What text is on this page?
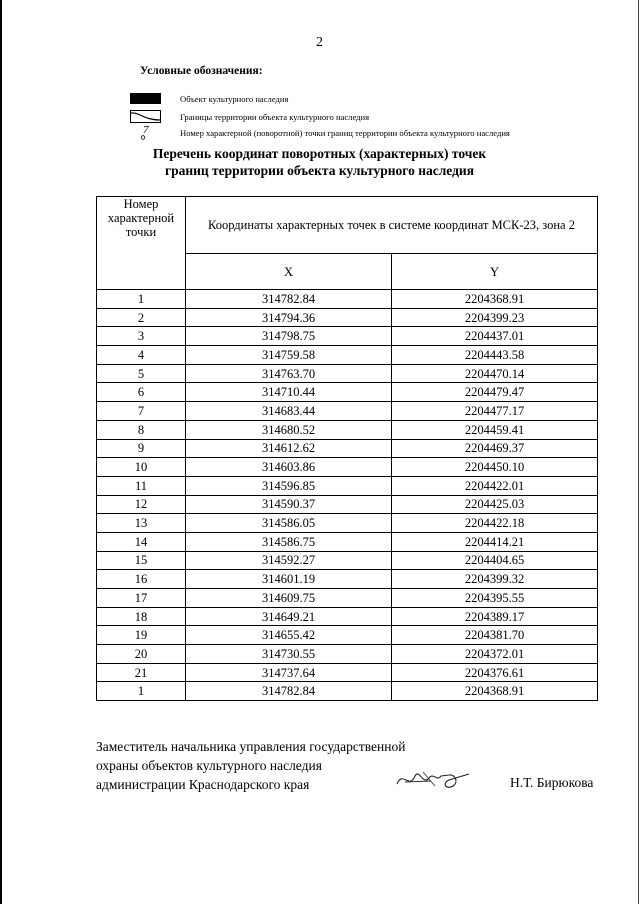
2
Условные обозначения:
Объект культурного наследия
Границы территории объекта культурного наследия
7	Номер характерной (поворотной) точки границ территории объекта культурного наследия
Перечень координат поворотных (характерных) точек
границ территории объекта культурного наследия
Номер характерной точки	Координаты характерных точек в системе координат МСК-23, зона 2	
	X	Y
1	314782.84	2204368.91
2	314794.36	2204399.23
3	314798.75	2204437.01
4	314759.58	2204443.58
5	314763.70	2204470.14
6	314710.44	2204479.47
7	314683.44	2204477.17
8	314680.52	2204459.41
9	314612.62	2204469.37
10	314603.86	2204450.10
11	314596.85	2204422.01
12	314590.37	2204425.03
13	314586.05	2204422.18
14	314586.75	2204414.21
15	314592.27	2204404.65
16	314601.19	2204399.32
17	314609.75	2204395.55
18	314649.21	2204389.17
19	314655.42	2204381.70
20	314730.55	2204372.01
21	314737.64	2204376.61
1	314782.84	2204368.91
Заместитель начальника управления государственной
охраны объектов культурного наследия
администрации Краснодарского края	Н.Т. Бирюкова
